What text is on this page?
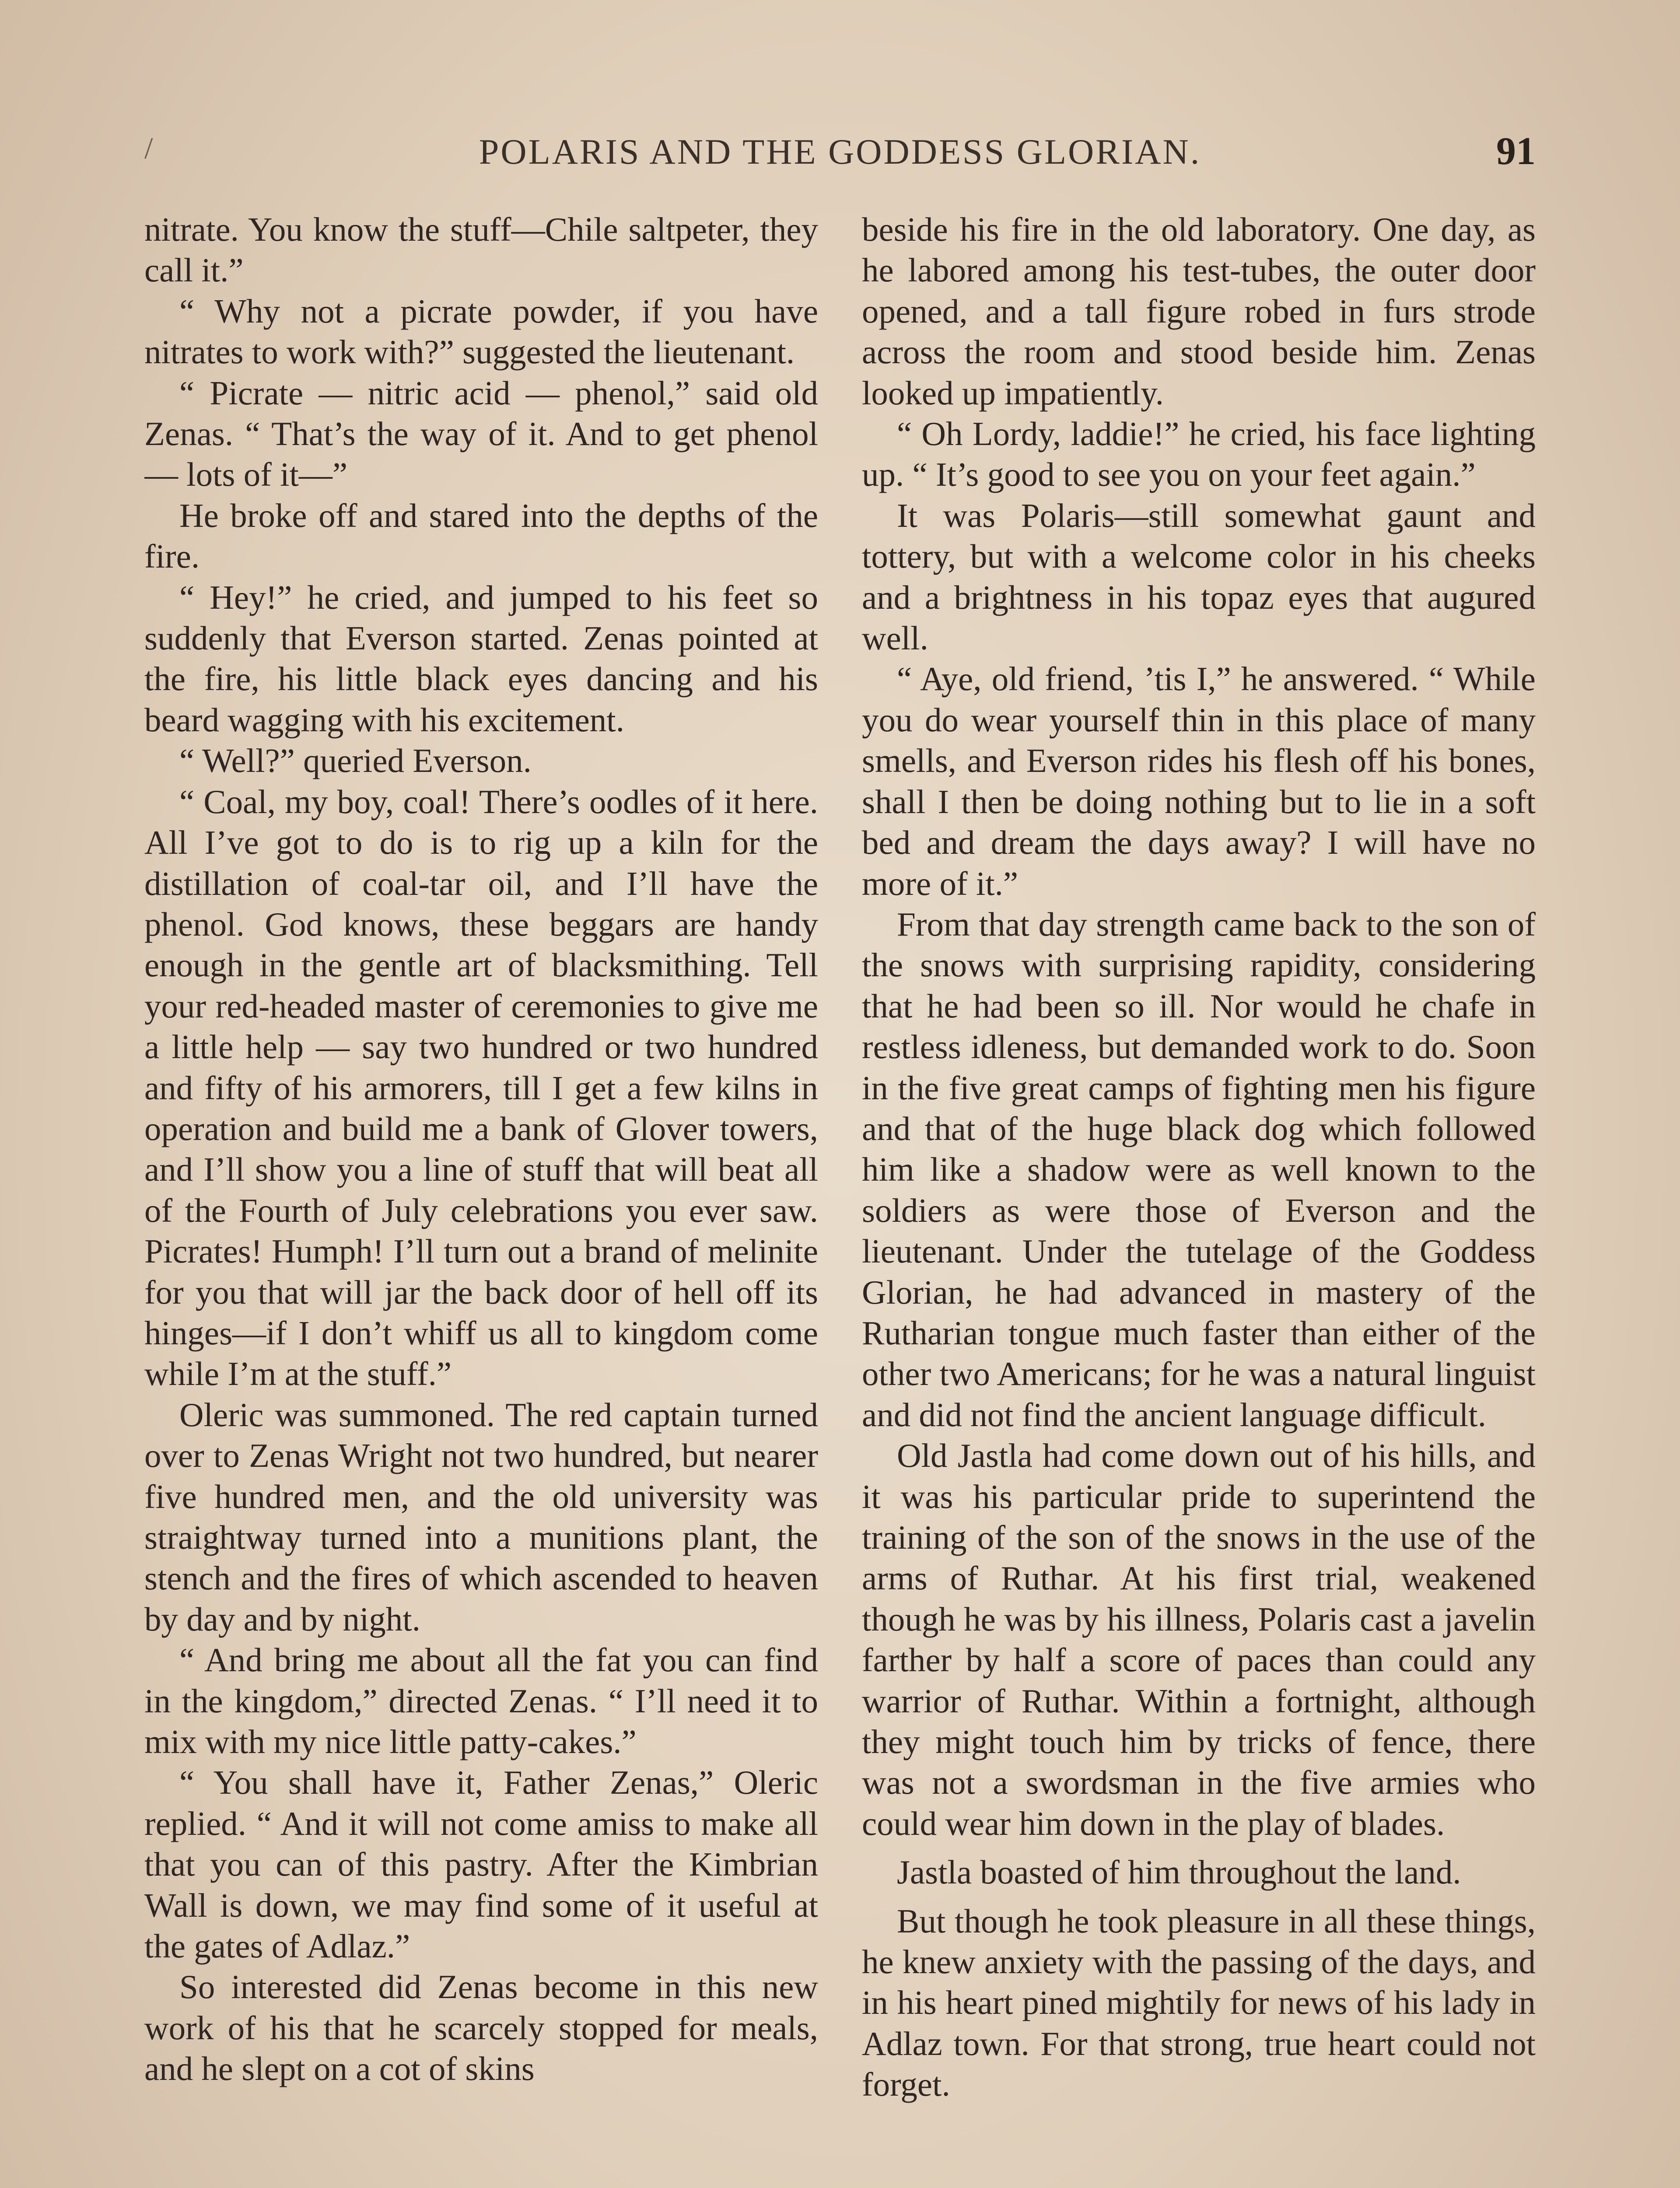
/	POLARIS AND THE GODDESS GLORIAN.	91

nitrate. You know the stuff—Chile saltpeter, they call it.”

“ Why not a picrate powder, if you have nitrates to work with?” suggested the lieutenant.

“ Picrate — nitric acid — phenol,” said old Zenas. “ That’s the way of it. And to get phenol — lots of it—”

He broke off and stared into the depths of the fire.

“ Hey!” he cried, and jumped to his feet so suddenly that Everson started. Zenas pointed at the fire, his little black eyes dancing and his beard wagging with his excitement.

“ Well?” queried Everson.

“ Coal, my boy, coal! There’s oodles of it here. All I’ve got to do is to rig up a kiln for the distillation of coal-tar oil, and I’ll have the phenol. God knows, these beggars are handy enough in the gentle art of blacksmithing. Tell your red-headed master of ceremonies to give me a little help — say two hundred or two hundred and fifty of his armorers, till I get a few kilns in operation and build me a bank of Glover towers, and I’ll show you a line of stuff that will beat all of the Fourth of July celebrations you ever saw. Picrates! Humph! I’ll turn out a brand of melinite for you that will jar the back door of hell off its hinges—if I don’t whiff us all to kingdom come while I’m at the stuff.”

Oleric was summoned. The red captain turned over to Zenas Wright not two hundred, but nearer five hundred men, and the old university was straightway turned into a munitions plant, the stench and the fires of which ascended to heaven by day and by night.

“ And bring me about all the fat you can find in the kingdom,” directed Zenas. “ I’ll need it to mix with my nice little patty-cakes.”

“ You shall have it, Father Zenas,” Oleric replied. “ And it will not come amiss to make all that you can of this pastry. After the Kimbrian Wall is down, we may find some of it useful at the gates of Adlaz.”

So interested did Zenas become in this new work of his that he scarcely stopped for meals, and he slept on a cot of skins

beside his fire in the old laboratory. One day, as he labored among his test-tubes, the outer door opened, and a tall figure robed in furs strode across the room and stood beside him. Zenas looked up impatiently.

“ Oh Lordy, laddie!” he cried, his face lighting up. “ It’s good to see you on your feet again.”

It was Polaris—still somewhat gaunt and tottery, but with a welcome color in his cheeks and a brightness in his topaz eyes that augured well.

“ Aye, old friend, ’tis I,” he answered. “ While you do wear yourself thin in this place of many smells, and Everson rides his flesh off his bones, shall I then be doing nothing but to lie in a soft bed and dream the days away? I will have no more of it.”

From that day strength came back to the son of the snows with surprising rapidity, considering that he had been so ill. Nor would he chafe in restless idleness, but demanded work to do. Soon in the five great camps of fighting men his figure and that of the huge black dog which followed him like a shadow were as well known to the soldiers as were those of Everson and the lieutenant. Under the tutelage of the Goddess Glorian, he had advanced in mastery of the Rutharian tongue much faster than either of the other two Americans; for he was a natural linguist and did not find the ancient language difficult.

Old Jastla had come down out of his hills, and it was his particular pride to superintend the training of the son of the snows in the use of the arms of Ruthar. At his first trial, weakened though he was by his illness, Polaris cast a javelin farther by half a score of paces than could any warrior of Ruthar. Within a fortnight, although they might touch him by tricks of fence, there was not a swordsman in the five armies who could wear him down in the play of blades.

Jastla boasted of him throughout the land.

But though he took pleasure in all these things, he knew anxiety with the passing of the days, and in his heart pined mightily for news of his lady in Adlaz town. For that strong, true heart could not forget.
